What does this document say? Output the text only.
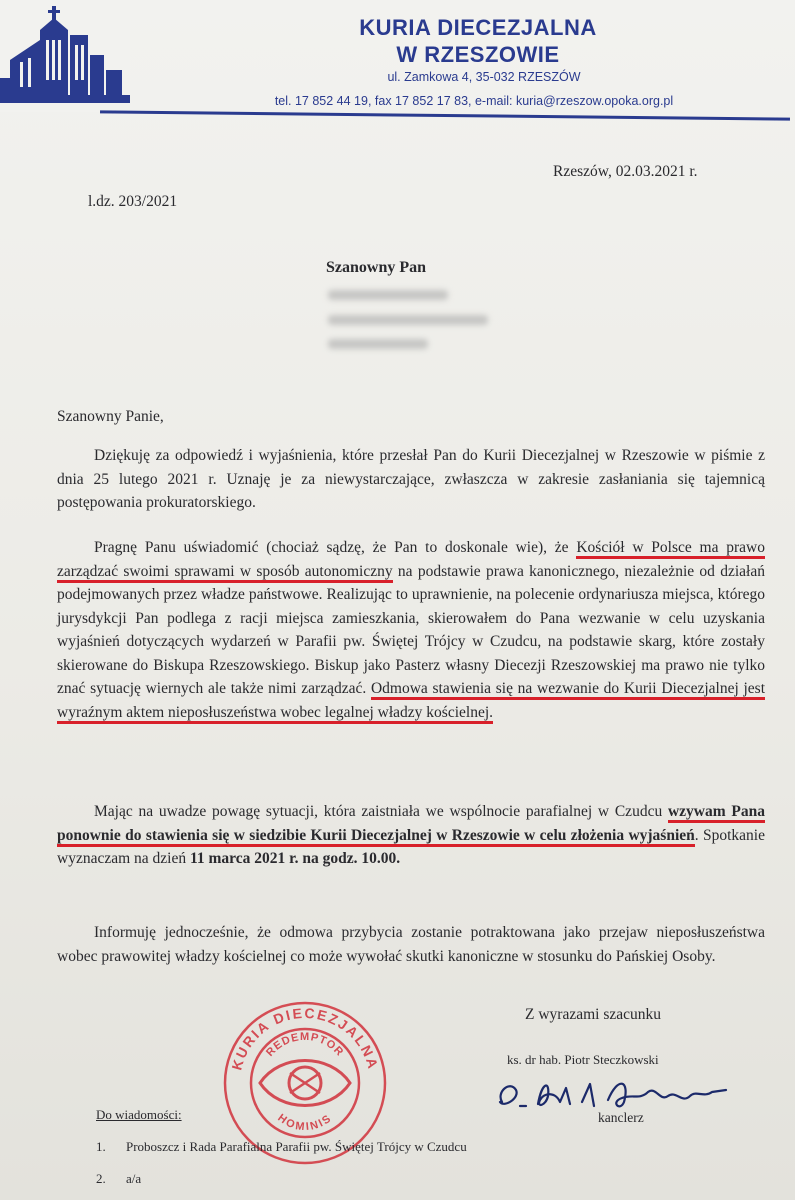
KURIA DIECEZJALNA
W RZESZOWIE
ul. Zamkowa 4, 35-032 RZESZÓW
tel. 17 852 44 19, fax 17 852 17 83, e-mail: kuria@rzeszow.opoka.org.pl
Rzeszów, 02.03.2021 r.
l.dz. 203/2021
Szanowny Pan
Szanowny Panie,
Dziękuję za odpowiedź i wyjaśnienia, które przesłał Pan do Kurii Diecezjalnej w Rzeszowie w piśmie z dnia 25 lutego 2021 r. Uznaję je za niewystarczające, zwłaszcza w zakresie zasłaniania się tajemnicą postępowania prokuratorskiego.
Pragnę Panu uświadomić (chociaż sądzę, że Pan to doskonale wie), że Kościół w Polsce ma prawo zarządzać swoimi sprawami w sposób autonomiczny na podstawie prawa kanonicznego, niezależnie od działań podejmowanych przez władze państwowe. Realizując to uprawnienie, na polecenie ordynariusza miejsca, którego jurysdykcji Pan podlega z racji miejsca zamieszkania, skierowałem do Pana wezwanie w celu uzyskania wyjaśnień dotyczących wydarzeń w Parafii pw. Świętej Trójcy w Czudcu, na podstawie skarg, które zostały skierowane do Biskupa Rzeszowskiego. Biskup jako Pasterz własny Diecezji Rzeszowskiej ma prawo nie tylko znać sytuację wiernych ale także nimi zarządzać. Odmowa stawienia się na wezwanie do Kurii Diecezjalnej jest wyraźnym aktem nieposłuszeństwa wobec legalnej władzy kościelnej.
Mając na uwadze powagę sytuacji, która zaistniała we wspólnocie parafialnej w Czudcu wzywam Pana ponownie do stawienia się w siedzibie Kurii Diecezjalnej w Rzeszowie w celu złożenia wyjaśnień. Spotkanie wyznaczam na dzień 11 marca 2021 r. na godz. 10.00.
Informuję jednocześnie, że odmowa przybycia zostanie potraktowana jako przejaw nieposłuszeństwa wobec prawowitej władzy kościelnej co może wywołać skutki kanoniczne w stosunku do Pańskiej Osoby.
Z wyrazami szacunku
ks. dr hab. Piotr Steczkowski
kanclerz
KURIA DIECEZJALNA
REDEMPTOR
HOMINIS
Do wiadomości:
1. Proboszcz i Rada Parafialna Parafii pw. Świętej Trójcy w Czudcu
2. a/a
